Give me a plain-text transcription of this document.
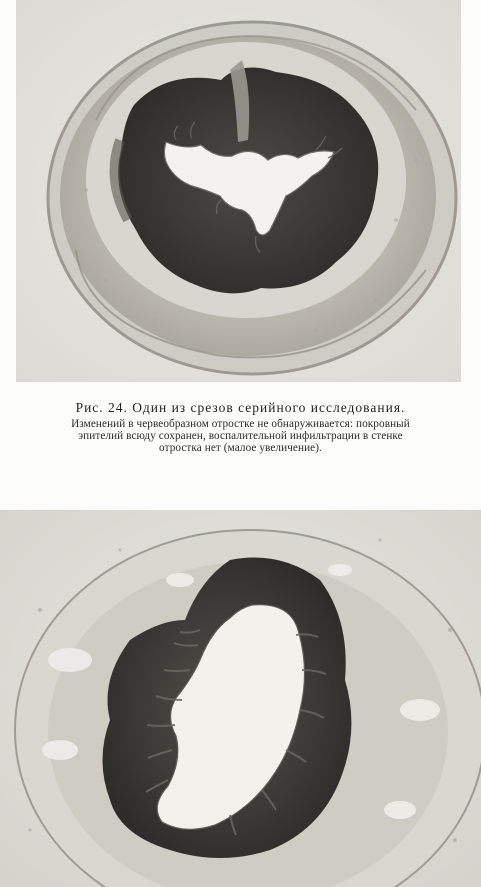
Рис. 24. Один из срезов серийного исследования.

Изменений в червеобразном отростке не обнаруживается: покровный
эпителий всюду сохранен, воспалительной инфильтрации в стенке
отростка нет (малое увеличение).
